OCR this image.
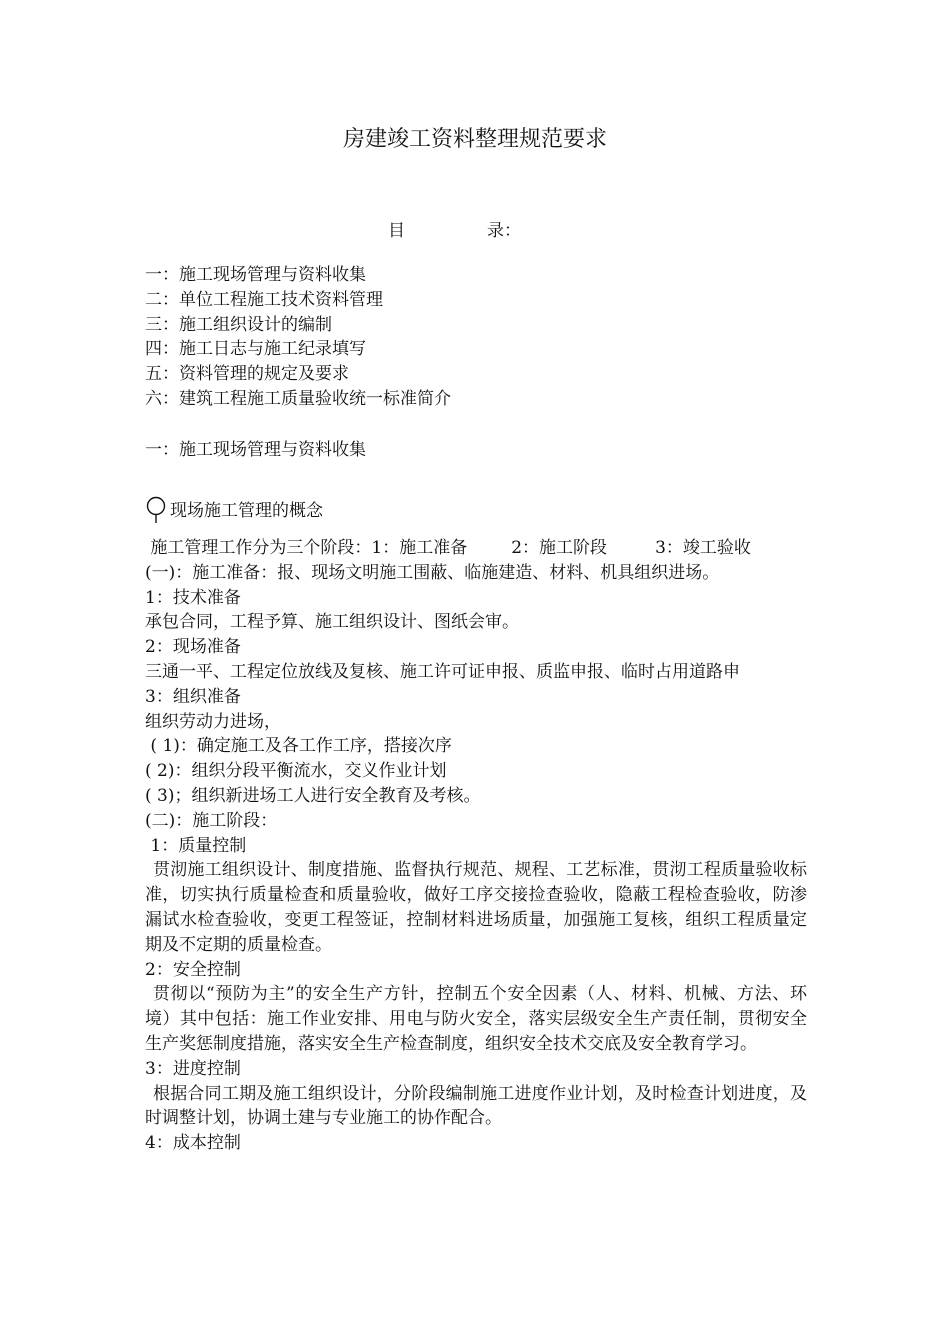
房建竣工资料整理规范要求
目	录：
一：施工现场管理与资料收集
二：单位工程施工技术资料管理
三：施工组织设计的编制
四：施工日志与施工纪录填写
五：资料管理的规定及要求
六：建筑工程施工质量验收统一标准简介
一：施工现场管理与资料收集
现场施工管理的概念
施工管理工作分为三个阶段：1：施工准备	2：施工阶段	3：竣工验收
(一)：施工准备：报、现场文明施工围蔽、临施建造、材料、机具组织进场。
1：技术准备
承包合同，工程予算、施工组织设计、图纸会审。
2：现场准备
三通一平、工程定位放线及复核、施工许可证申报、质监申报、临时占用道路申
3：组织准备
组织劳动力进场，
( 1)：确定施工及各工作工序，搭接次序
( 2)：组织分段平衡流水，交义作业计划
( 3)；组织新进场工人进行安全教育及考核。
(二)：施工阶段：
1：质量控制

贯沏施工组织设计、制度措施、监督执行规范、规程、工艺标准，贯沏工程质量验收标准，切实执行质量检查和质量验收，做好工序交接捡查验收，隐蔽工程检查验收，防渗漏试水检查验收，变更工程签证，控制材料进场质量，加强施工复核，组织工程质量定期及不定期的质量检查。

2：安全控制

贯彻以“预防为主”的安全生产方针，控制五个安全因素（人、材料、机械、方法、环境）其中包括：施工作业安排、用电与防火安全，落实层级安全生产责任制，贯彻安全生产奖惩制度措施，落实安全生产检查制度，组织安全技术交底及安全教育学习。

3：进度控制

根据合同工期及施工组织设计，分阶段编制施工进度作业计划，及时检查计划进度，及时调整计划，协调土建与专业施工的协作配合。

4：成本控制
